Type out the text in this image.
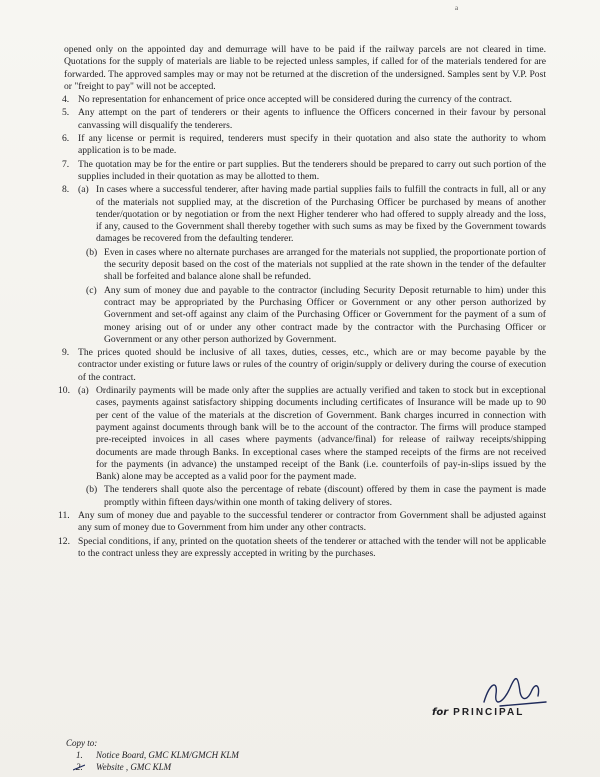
a

opened only on the appointed day and demurrage will have to be paid if the railway parcels are not cleared in time. Quotations for the supply of materials are liable to be rejected unless samples, if called for of the materials tendered for are forwarded. The approved samples may or may not be returned at the discretion of the undersigned. Samples sent by V.P. Post or "freight to pay" will not be accepted.

4. No representation for enhancement of price once accepted will be considered during the currency of the contract.
5. Any attempt on the part of tenderers or their agents to influence the Officers concerned in their favour by personal canvassing will disqualify the tenderers.
6. If any license or permit is required, tenderers must specify in their quotation and also state the authority to whom application is to be made.
7. The quotation may be for the entire or part supplies. But the tenderers should be prepared to carry out such portion of the supplies included in their quotation as may be allotted to them.
8. (a) In cases where a successful tenderer, after having made partial supplies fails to fulfill the contracts in full, all or any of the materials not supplied may, at the discretion of the Purchasing Officer be purchased by means of another tender/quotation or by negotiation or from the next Higher tenderer who had offered to supply already and the loss, if any, caused to the Government shall thereby together with such sums as may be fixed by the Government towards damages be recovered from the defaulting tenderer.
(b) Even in cases where no alternate purchases are arranged for the materials not supplied, the proportionate portion of the security deposit based on the cost of the materials not supplied at the rate shown in the tender of the defaulter shall be forfeited and balance alone shall be refunded.
(c) Any sum of money due and payable to the contractor (including Security Deposit returnable to him) under this contract may be appropriated by the Purchasing Officer or Government or any other person authorized by Government and set-off against any claim of the Purchasing Officer or Government for the payment of a sum of money arising out of or under any other contract made by the contractor with the Purchasing Officer or Government or any other person authorized by Government.
9. The prices quoted should be inclusive of all taxes, duties, cesses, etc., which are or may become payable by the contractor under existing or future laws or rules of the country of origin/supply or delivery during the course of execution of the contract.
10. (a) Ordinarily payments will be made only after the supplies are actually verified and taken to stock but in exceptional cases, payments against satisfactory shipping documents including certificates of Insurance will be made up to 90 per cent of the value of the materials at the discretion of Government. Bank charges incurred in connection with payment against documents through bank will be to the account of the contractor. The firms will produce stamped pre-receipted invoices in all cases where payments (advance/final) for release of railway receipts/shipping documents are made through Banks. In exceptional cases where the stamped receipts of the firms are not received for the payments (in advance) the unstamped receipt of the Bank (i.e. counterfoils of pay-in-slips issued by the Bank) alone may be accepted as a valid poor for the payment made.
(b) The tenderers shall quote also the percentage of rebate (discount) offered by them in case the payment is made promptly within fifteen days/within one month of taking delivery of stores.
11. Any sum of money due and payable to the successful tenderer or contractor from Government shall be adjusted against any sum of money due to Government from him under any other contracts.
12. Special conditions, if any, printed on the quotation sheets of the tenderer or attached with the tender will not be applicable to the contract unless they are expressly accepted in writing by the purchases.
for PRINCIPAL
Copy to:
1. Notice Board, GMC KLM/GMCH KLM
2. Website , GMC KLM
